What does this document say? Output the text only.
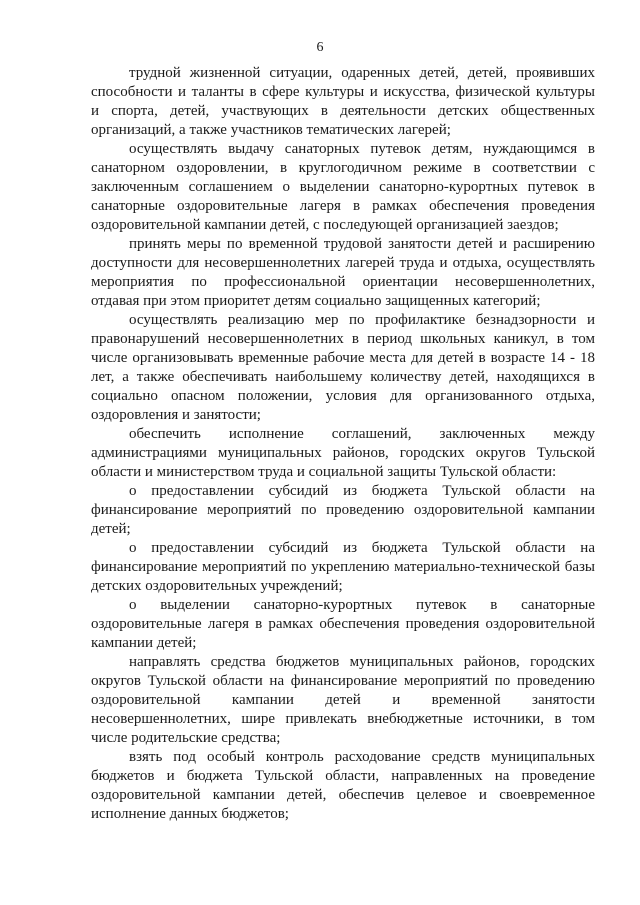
6
трудной жизненной ситуации, одаренных детей, детей, проявивших
способности и таланты в сфере культуры и искусства, физической культуры
и спорта, детей, участвующих в деятельности детских общественных
организаций, а также участников тематических лагерей;
осуществлять выдачу санаторных путевок детям, нуждающимся в
санаторном оздоровлении, в круглогодичном режиме в соответствии с
заключенным соглашением о выделении санаторно-курортных путевок в
санаторные оздоровительные лагеря в рамках обеспечения проведения
оздоровительной кампании детей, с последующей организацией заездов;
принять меры по временной трудовой занятости детей и расширению
доступности для несовершеннолетних лагерей труда и отдыха, осуществлять
мероприятия по профессиональной ориентации несовершеннолетних,
отдавая при этом приоритет детям социально защищенных категорий;
осуществлять реализацию мер по профилактике безнадзорности и
правонарушений несовершеннолетних в период школьных каникул, в том
числе организовывать временные рабочие места для детей в возрасте 14 - 18
лет, а также обеспечивать наибольшему количеству детей, находящихся в
социально опасном положении, условия для организованного отдыха,
оздоровления и занятости;
обеспечить исполнение соглашений, заключенных между
администрациями муниципальных районов, городских округов Тульской
области и министерством труда и социальной защиты Тульской области:
о предоставлении субсидий из бюджета Тульской области на
финансирование мероприятий по проведению оздоровительной кампании
детей;
о предоставлении субсидий из бюджета Тульской области на
финансирование мероприятий по укреплению материально-технической базы
детских оздоровительных учреждений;
о выделении санаторно-курортных путевок в санаторные
оздоровительные лагеря в рамках обеспечения проведения оздоровительной
кампании детей;
направлять средства бюджетов муниципальных районов, городских
округов Тульской области на финансирование мероприятий по проведению
оздоровительной кампании детей и временной занятости
несовершеннолетних, шире привлекать внебюджетные источники, в том
числе родительские средства;
взять под особый контроль расходование средств муниципальных
бюджетов и бюджета Тульской области, направленных на проведение
оздоровительной кампании детей, обеспечив целевое и своевременное
исполнение данных бюджетов;
